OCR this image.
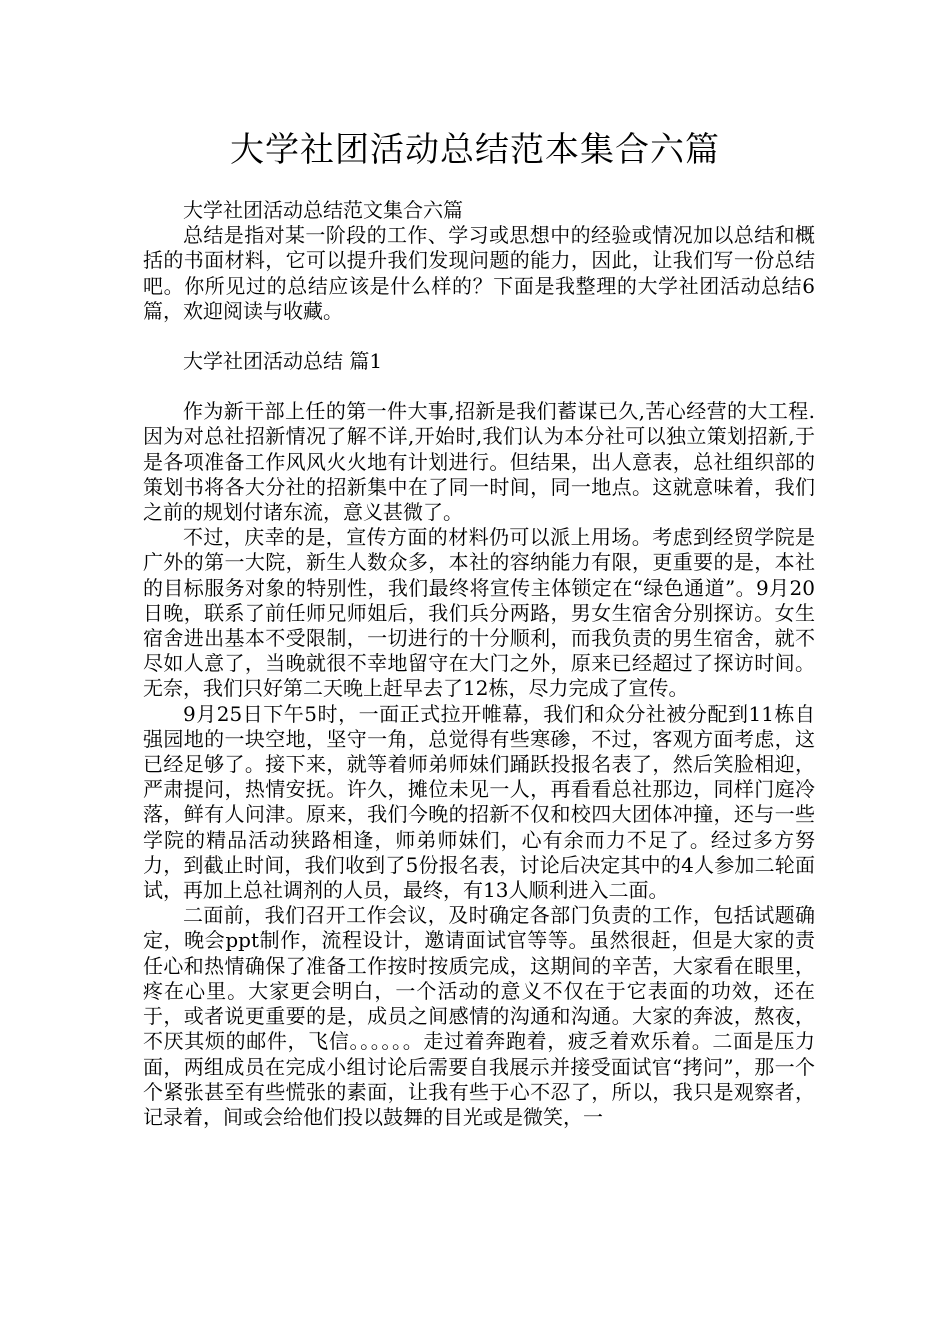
大学社团活动总结范本集合六篇

大学社团活动总结范文集合六篇

总结是指对某一阶段的工作、学习或思想中的经验或情况加以总结和概括的书面材料，它可以提升我们发现问题的能力，因此，让我们写一份总结吧。你所见过的总结应该是什么样的？下面是我整理的大学社团活动总结6篇，欢迎阅读与收藏。

大学社团活动总结 篇1

作为新干部上任的第一件大事,招新是我们蓄谋已久,苦心经营的大工程.因为对总社招新情况了解不详,开始时,我们认为本分社可以独立策划招新,于是各项准备工作风风火火地有计划进行。但结果，出人意表，总社组织部的策划书将各大分社的招新集中在了同一时间，同一地点。这就意味着，我们之前的规划付诸东流，意义甚微了。

不过，庆幸的是，宣传方面的材料仍可以派上用场。考虑到经贸学院是广外的第一大院，新生人数众多，本社的容纳能力有限，更重要的是，本社的目标服务对象的特别性，我们最终将宣传主体锁定在“绿色通道”。9月20日晚，联系了前任师兄师姐后，我们兵分两路，男女生宿舍分别探访。女生宿舍进出基本不受限制，一切进行的十分顺利，而我负责的男生宿舍，就不尽如人意了，当晚就很不幸地留守在大门之外，原来已经超过了探访时间。无奈，我们只好第二天晚上赶早去了12栋，尽力完成了宣传。

9月25日下午5时，一面正式拉开帷幕，我们和众分社被分配到11栋自强园地的一块空地，坚守一角，总觉得有些寒碜，不过，客观方面考虑，这已经足够了。接下来，就等着师弟师妹们踊跃投报名表了，然后笑脸相迎，严肃提问，热情安抚。许久，摊位未见一人，再看看总社那边，同样门庭冷落，鲜有人问津。原来，我们今晚的招新不仅和校四大团体冲撞，还与一些学院的精品活动狭路相逢，师弟师妹们，心有余而力不足了。经过多方努力，到截止时间，我们收到了5份报名表，讨论后决定其中的4人参加二轮面试，再加上总社调剂的人员，最终，有13人顺利进入二面。

二面前，我们召开工作会议，及时确定各部门负责的工作，包括试题确定，晚会ppt制作，流程设计，邀请面试官等等。虽然很赶，但是大家的责任心和热情确保了准备工作按时按质完成，这期间的辛苦，大家看在眼里，疼在心里。大家更会明白，一个活动的意义不仅在于它表面的功效，还在于，或者说更重要的是，成员之间感情的沟通和沟通。大家的奔波，熬夜，不厌其烦的邮件，飞信。。。。。。走过着奔跑着，疲乏着欢乐着。二面是压力面，两组成员在完成小组讨论后需要自我展示并接受面试官“拷问”，那一个个紧张甚至有些慌张的素面，让我有些于心不忍了，所以，我只是观察者，记录着，间或会给他们投以鼓舞的目光或是微笑，一
